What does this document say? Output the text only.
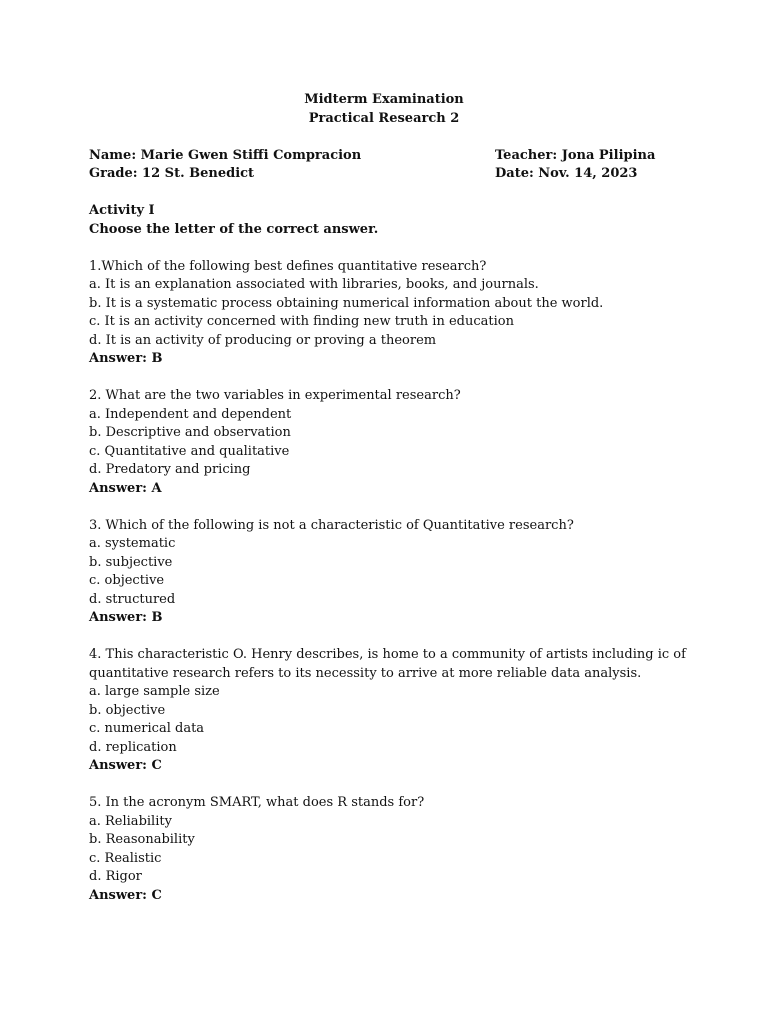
Midterm Examination

Practical Research 2

Name: Marie Gwen Stiffi Compracion	Teacher: Jona Pilipina
Grade: 12 St. Benedict	Date: Nov. 14, 2023

Activity I

Choose the letter of the correct answer.

1.Which of the following best defines quantitative research?

a. It is an explanation associated with libraries, books, and journals.

b. It is a systematic process obtaining numerical information about the world.

c. It is an activity concerned with finding new truth in education

d. It is an activity of producing or proving a theorem

Answer: B

2. What are the two variables in experimental research?

a. Independent and dependent

b. Descriptive and observation

c. Quantitative and qualitative

d. Predatory and pricing

Answer: A

3. Which of the following is not a characteristic of Quantitative research?

a. systematic

b. subjective

c. objective

d. structured

Answer: B

4. This characteristic O. Henry describes, is home to a community of artists including ic of quantitative research refers to its necessity to arrive at more reliable data analysis.

a. large sample size

b. objective

c. numerical data

d. replication

Answer: C

5. In the acronym SMART, what does R stands for?

a. Reliability

b. Reasonability

c. Realistic

d. Rigor

Answer: C
